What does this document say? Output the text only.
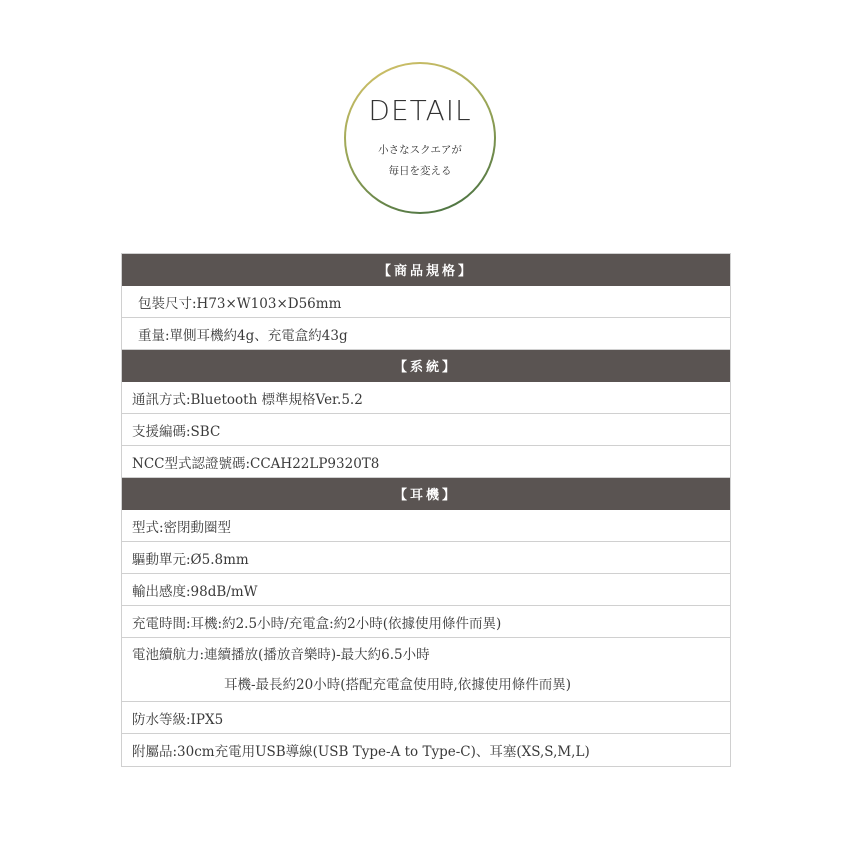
DETAIL
小さなスクエアが
毎日を変える
【商品規格】
包裝尺寸:H73×W103×D56mm
重量:單側耳機約4g、充電盒約43g
【系統】
通訊方式:Bluetooth 標準規格Ver.5.2
支援編碼:SBC
NCC型式認證號碼:CCAH22LP9320T8
【耳機】
型式:密閉動圈型
驅動單元:Ø5.8mm
輸出感度:98dB/mW
充電時間:耳機:約2.5小時/充電盒:約2小時(依據使用條件而異)
電池續航力:連續播放(播放音樂時)-最大約6.5小時
耳機-最長約20小時(搭配充電盒使用時,依據使用條件而異)
防水等級:IPX5
附屬品:30cm充電用USB導線(USB Type-A to Type-C)、耳塞(XS,S,M,L)
